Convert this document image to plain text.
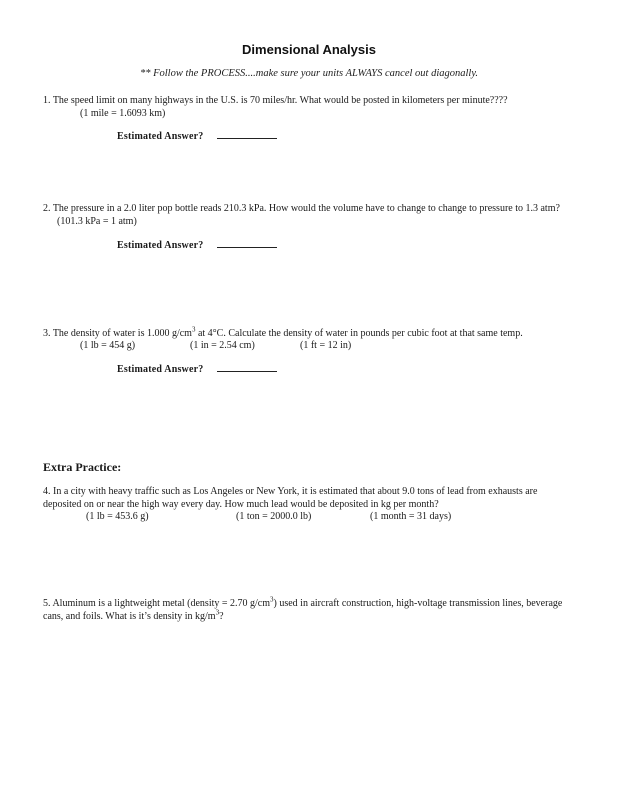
Dimensional Analysis
** Follow the PROCESS....make sure your units ALWAYS cancel out diagonally.
1. The speed limit on many highways in the U.S. is 70 miles/hr. What would be posted in kilometers per minute????
(1 mile = 1.6093 km)
Estimated Answer?
2. The pressure in a 2.0 liter pop bottle reads 210.3 kPa. How would the volume have to change to change to pressure to 1.3 atm? (101.3 kPa = 1 atm)
Estimated Answer?
3. The density of water is 1.000 $g/cm^3$ at 4°C. Calculate the density of water in pounds per cubic foot at that same temp.
(1 lb = 454 g)	(1 in = 2.54 cm)	(1 ft = 12 in)
Estimated Answer?
Extra Practice:
4. In a city with heavy traffic such as Los Angeles or New York, it is estimated that about 9.0 tons of lead from exhausts are deposited on or near the high way every day. How much lead would be deposited in kg per month?
(1 lb = 453.6 g)	(1 ton = 2000.0 lb)	(1 month = 31 days)
5. Aluminum is a lightweight metal (density = 2.70 $g/cm^3$) used in aircraft construction, high-voltage transmission lines, beverage cans, and foils. What is it’s density in $kg/m^3$?
